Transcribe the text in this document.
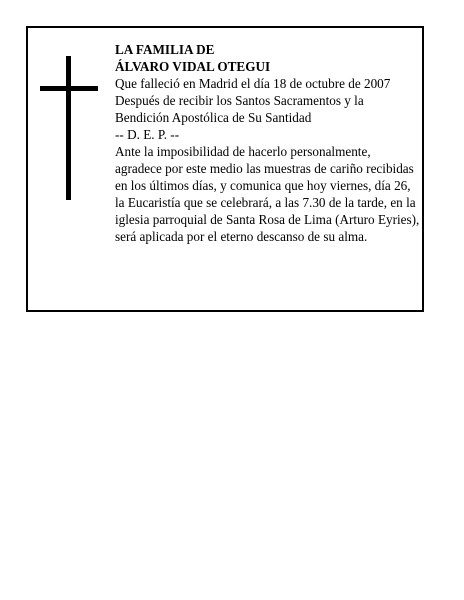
LA FAMILIA DE
ÁLVARO VIDAL OTEGUI
Que falleció en Madrid el día 18 de octubre de 2007
Después de recibir los Santos Sacramentos y la
Bendición Apostólica de Su Santidad
-- D. E. P. --
Ante la imposibilidad de hacerlo personalmente, agradece por este medio las muestras de cariño recibidas en los últimos días, y comunica que hoy viernes, día 26, la Eucaristía que se celebrará, a las 7.30 de la tarde, en la iglesia parroquial de Santa Rosa de Lima (Arturo Eyries), será aplicada por el eterno descanso de su alma.
